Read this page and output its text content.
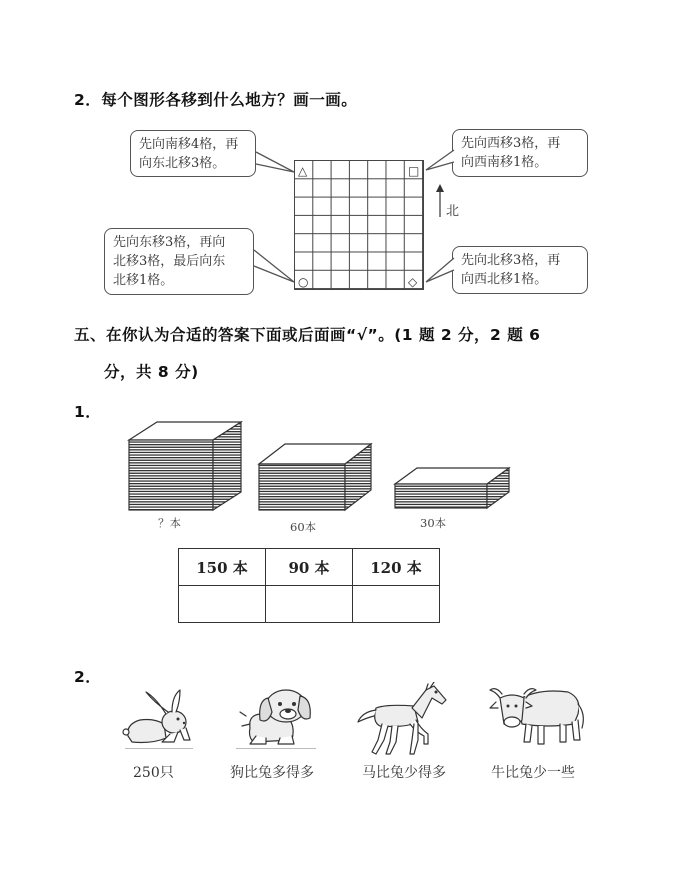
2．每个图形各移到什么地方？画一画。
先向南移4格，再
向东北移3格。
先向西移3格，再
向西南移1格。
先向东移3格，再向
北移3格，最后向东
北移1格。
先向北移3格，再
向西北移1格。
△	□
○	◇
北
五、在你认为合适的答案下面或后面画“√”。(1 题 2 分，2 题 6
分，共 8 分)
1．
？本	60本	30本
150 本	90 本	120 本

2．
250只	狗比兔多得多	马比兔少得多	牛比兔少一些
